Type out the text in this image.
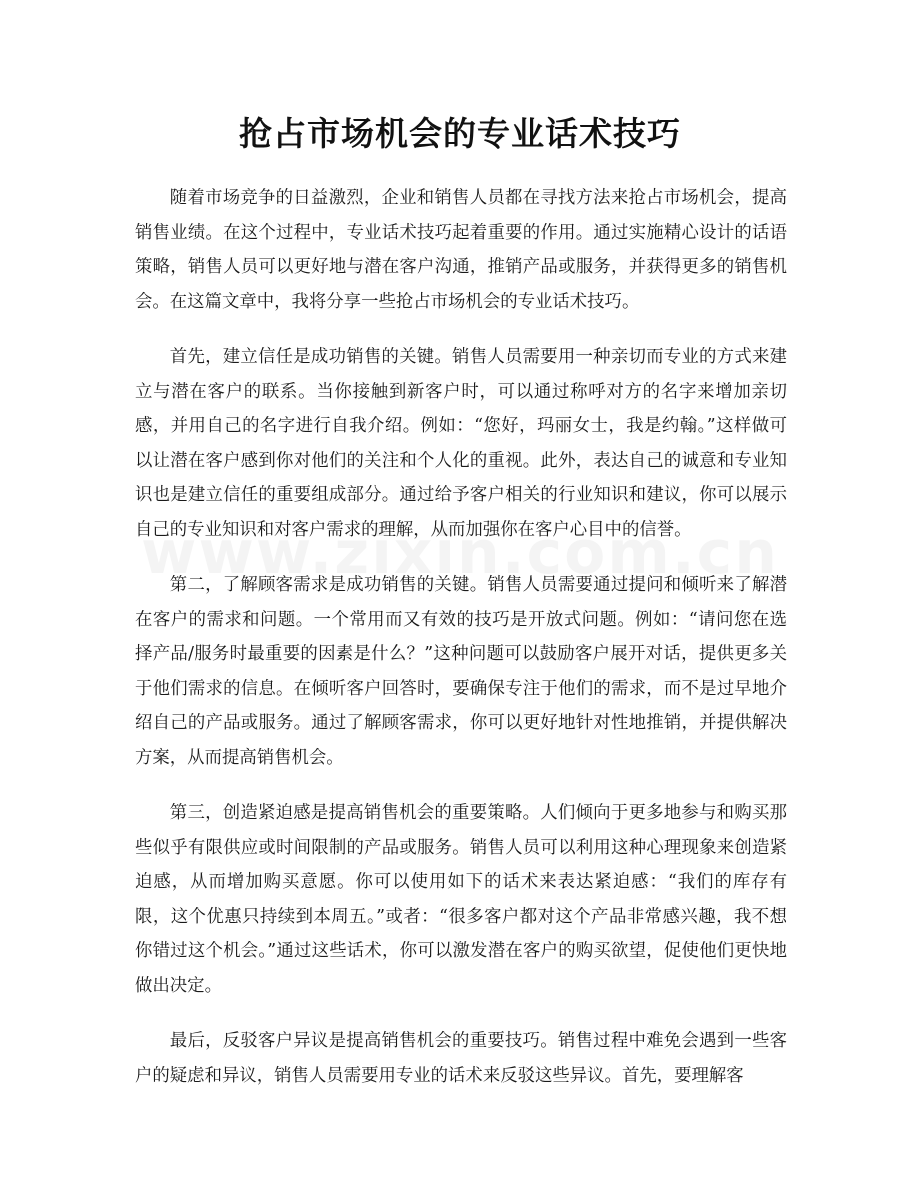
抢占市场机会的专业话术技巧

随着市场竞争的日益激烈，企业和销售人员都在寻找方法来抢占市场机会，提高销售业绩。在这个过程中，专业话术技巧起着重要的作用。通过实施精心设计的话语策略，销售人员可以更好地与潜在客户沟通，推销产品或服务，并获得更多的销售机会。在这篇文章中，我将分享一些抢占市场机会的专业话术技巧。

首先，建立信任是成功销售的关键。销售人员需要用一种亲切而专业的方式来建立与潜在客户的联系。当你接触到新客户时，可以通过称呼对方的名字来增加亲切感，并用自己的名字进行自我介绍。例如：“您好，玛丽女士，我是约翰。”这样做可以让潜在客户感到你对他们的关注和个人化的重视。此外，表达自己的诚意和专业知识也是建立信任的重要组成部分。通过给予客户相关的行业知识和建议，你可以展示自己的专业知识和对客户需求的理解，从而加强你在客户心目中的信誉。

第二，了解顾客需求是成功销售的关键。销售人员需要通过提问和倾听来了解潜在客户的需求和问题。一个常用而又有效的技巧是开放式问题。例如：“请问您在选择产品/服务时最重要的因素是什么？”这种问题可以鼓励客户展开对话，提供更多关于他们需求的信息。在倾听客户回答时，要确保专注于他们的需求，而不是过早地介绍自己的产品或服务。通过了解顾客需求，你可以更好地针对性地推销，并提供解决方案，从而提高销售机会。

第三，创造紧迫感是提高销售机会的重要策略。人们倾向于更多地参与和购买那些似乎有限供应或时间限制的产品或服务。销售人员可以利用这种心理现象来创造紧迫感，从而增加购买意愿。你可以使用如下的话术来表达紧迫感：“我们的库存有限，这个优惠只持续到本周五。”或者：“很多客户都对这个产品非常感兴趣，我不想你错过这个机会。”通过这些话术，你可以激发潜在客户的购买欲望，促使他们更快地做出决定。

最后，反驳客户异议是提高销售机会的重要技巧。销售过程中难免会遇到一些客户的疑虑和异议，销售人员需要用专业的话术来反驳这些异议。首先，要理解客
